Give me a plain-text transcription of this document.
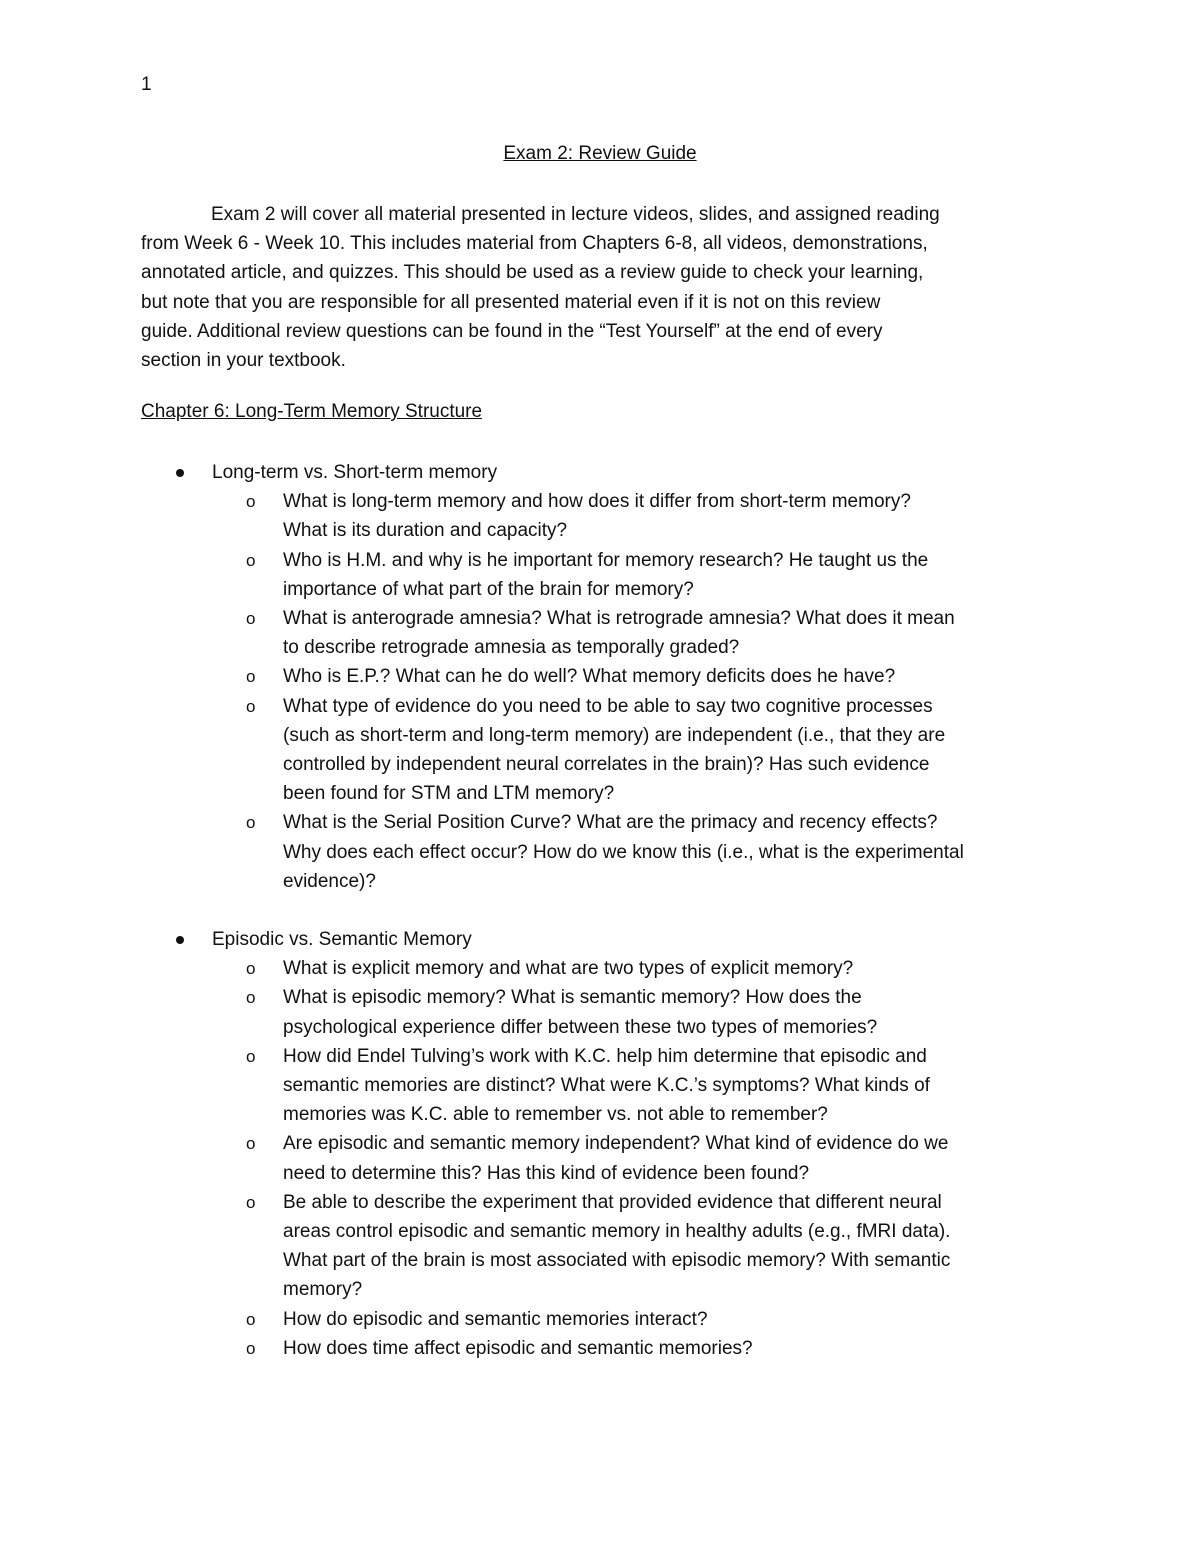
1
Exam 2: Review Guide
Exam 2 will cover all material presented in lecture videos, slides, and assigned reading
from Week 6 - Week 10. This includes material from Chapters 6-8, all videos, demonstrations,
annotated article, and quizzes. This should be used as a review guide to check your learning,
but note that you are responsible for all presented material even if it is not on this review
guide. Additional review questions can be found in the “Test Yourself” at the end of every
section in your textbook.
Chapter 6: Long-Term Memory Structure
Long-term vs. Short-term memory
o What is long-term memory and how does it differ from short-term memory?
What is its duration and capacity?
o Who is H.M. and why is he important for memory research? He taught us the
importance of what part of the brain for memory?
o What is anterograde amnesia? What is retrograde amnesia? What does it mean
to describe retrograde amnesia as temporally graded?
o Who is E.P.? What can he do well? What memory deficits does he have?
o What type of evidence do you need to be able to say two cognitive processes
(such as short-term and long-term memory) are independent (i.e., that they are
controlled by independent neural correlates in the brain)? Has such evidence
been found for STM and LTM memory?
o What is the Serial Position Curve? What are the primacy and recency effects?
Why does each effect occur? How do we know this (i.e., what is the experimental
evidence)?
Episodic vs. Semantic Memory
o What is explicit memory and what are two types of explicit memory?
o What is episodic memory? What is semantic memory? How does the
psychological experience differ between these two types of memories?
o How did Endel Tulving’s work with K.C. help him determine that episodic and
semantic memories are distinct? What were K.C.’s symptoms? What kinds of
memories was K.C. able to remember vs. not able to remember?
o Are episodic and semantic memory independent? What kind of evidence do we
need to determine this? Has this kind of evidence been found?
o Be able to describe the experiment that provided evidence that different neural
areas control episodic and semantic memory in healthy adults (e.g., fMRI data).
What part of the brain is most associated with episodic memory? With semantic
memory?
o How do episodic and semantic memories interact?
o How does time affect episodic and semantic memories?
